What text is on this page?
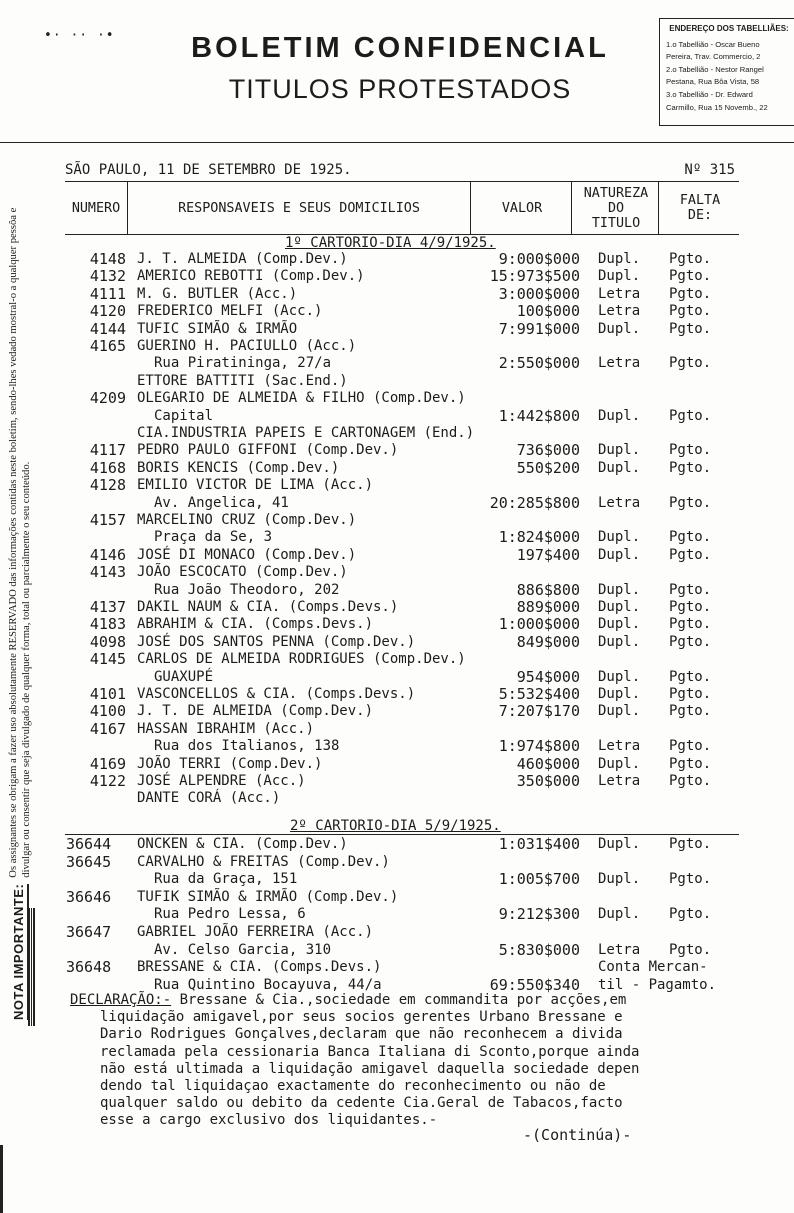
•· ·· ·•	BOLETIM CONFIDENCIAL
TITULOS PROTESTADOS
ENDEREÇO DOS TABELLIÃES:
1.o Tabellião - Oscar Bueno
Pereira, Trav. Commercio, 2
2.o Tabellião - Nestor Rangel
Pestana, Rua Bôa Vista, 58
3.o Tabellião - Dr. Edward
Carmillo, Rua 15 Novemb., 22
NOTA IMPORTANTE:
Os assignantes se obrigam a fazer uso absolutamente RESERVADO das informações contidas neste boletim, sendo-lhes vedado mostral-o a qualquer pessôa e divulgar ou consentir que seja divulgado de qualquer forma, total ou parcialmente o seu conteúdo.
SÃO PAULO, 11 DE SETEMBRO DE 1925.	Nº 315
NUMERO	RESPONSAVEIS E SEUS DOMICILIOS	VALOR
NATUREZA
DO
TITULO
FALTA
DE:
1º CARTORIO-DIA 4/9/1925.
4148 J. T. ALMEIDA (Comp.Dev.)	9:000$000 Dupl. Pgto.
4132 AMERICO REBOTTI (Comp.Dev.)	15:973$500 Dupl. Pgto.
4111 M. G. BUTLER (Acc.)	3:000$000 Letra Pgto.
4120 FREDERICO MELFI (Acc.)	100$000 Letra Pgto.
4144 TUFIC SIMÃO & IRMÃO	7:991$000 Dupl. Pgto.
4165 GUERINO H. PACIULLO (Acc.)
Rua Piratininga, 27/a	2:550$000 Letra Pgto.
ETTORE BATTITI (Sac.End.)
4209 OLEGARIO DE ALMEIDA & FILHO (Comp.Dev.)
Capital	1:442$800 Dupl. Pgto.
CIA.INDUSTRIA PAPEIS E CARTONAGEM (End.)
4117 PEDRO PAULO GIFFONI (Comp.Dev.)	736$000 Dupl. Pgto.
4168 BORIS KENCIS (Comp.Dev.)	550$200 Dupl. Pgto.
4128 EMILIO VICTOR DE LIMA (Acc.)
Av. Angelica, 41	20:285$800 Letra Pgto.
4157 MARCELINO CRUZ (Comp.Dev.)
Praça da Se, 3	1:824$000 Dupl. Pgto.
4146 JOSÉ DI MONACO (Comp.Dev.)	197$400 Dupl. Pgto.
4143 JOÃO ESCOCATO (Comp.Dev.)
Rua João Theodoro, 202	886$800 Dupl. Pgto.
4137 DAKIL NAUM & CIA. (Comps.Devs.)	889$000 Dupl. Pgto.
4183 ABRAHIM & CIA. (Comps.Devs.)	1:000$000 Dupl. Pgto.
4098 JOSÉ DOS SANTOS PENNA (Comp.Dev.)	849$000 Dupl. Pgto.
4145 CARLOS DE ALMEIDA RODRIGUES (Comp.Dev.)
GUAXUPÉ	954$000 Dupl. Pgto.
4101 VASCONCELLOS & CIA. (Comps.Devs.)	5:532$400 Dupl. Pgto.
4100 J. T. DE ALMEIDA (Comp.Dev.)	7:207$170 Dupl. Pgto.
4167 HASSAN IBRAHIM (Acc.)
Rua dos Italianos, 138	1:974$800 Letra Pgto.
4169 JOÃO TERRI (Comp.Dev.)	460$000 Dupl. Pgto.
4122 JOSÉ ALPENDRE (Acc.)	350$000 Letra Pgto.
DANTE CORÁ (Acc.)
2º CARTORIO-DIA 5/9/1925.
36644	ONCKEN & CIA. (Comp.Dev.)	1:031$400 Dupl. Pgto.
36645	CARVALHO & FREITAS (Comp.Dev.)
Rua da Graça, 151	1:005$700 Dupl. Pgto.
36646	TUFIK SIMÃO & IRMÃO (Comp.Dev.)
Rua Pedro Lessa, 6	9:212$300 Dupl. Pgto.
36647	GABRIEL JOÃO FERREIRA (Acc.)
Av. Celso Garcia, 310	5:830$000 Letra Pgto.
36648	BRESSANE & CIA. (Comps.Devs.)	Conta Mercan-
Rua Quintino Bocayuva, 44/a	69:550$340 til - Pagamto.
DECLARAÇÃO:- Bressane & Cia.,sociedade em commandita por acções,em
liquidação amigavel,por seus socios gerentes Urbano Bressane e
Dario Rodrigues Gonçalves,declaram que não reconhecem a divida
reclamada pela cessionaria Banca Italiana di Sconto,porque ainda
não está ultimada a liquidação amigavel daquella sociedade depen
dendo tal liquidaçao exactamente do reconhecimento ou não de
qualquer saldo ou debito da cedente Cia.Geral de Tabacos,facto
esse a cargo exclusivo dos liquidantes.-
-(Continúa)-
